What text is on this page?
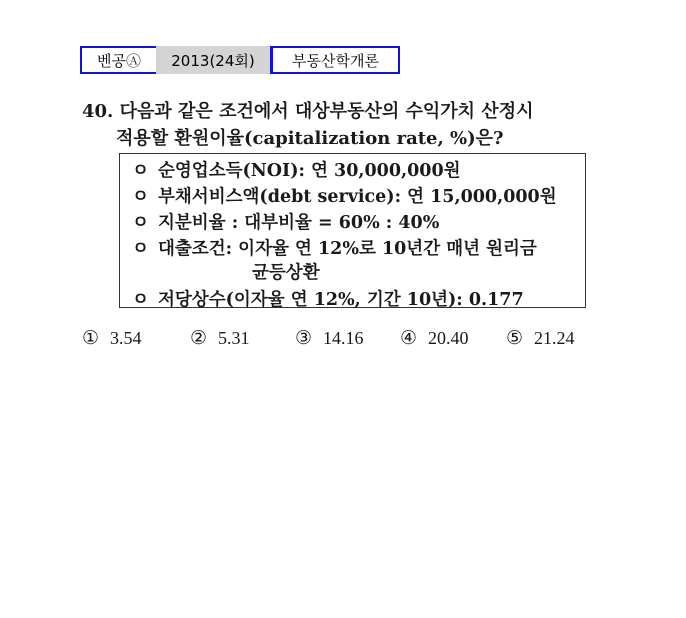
벤공Ⓐ	2013(24회)	부동산학개론
40. 다음과 같은 조건에서 대상부동산의 수익가치 산정시
적용할 환원이율(capitalization rate, %)은?
ㅇ 순영업소득(NOI): 연 30,000,000원
ㅇ 부채서비스액(debt service): 연 15,000,000원
ㅇ 지분비율 : 대부비율 = 60% : 40%
ㅇ 대출조건: 이자율 연 12%로 10년간 매년 원리금
균등상환
ㅇ 저당상수(이자율 연 12%, 기간 10년): 0.177
① 3.54	② 5.31 ③ 14.16 ④ 20.40 ⑤ 21.24
